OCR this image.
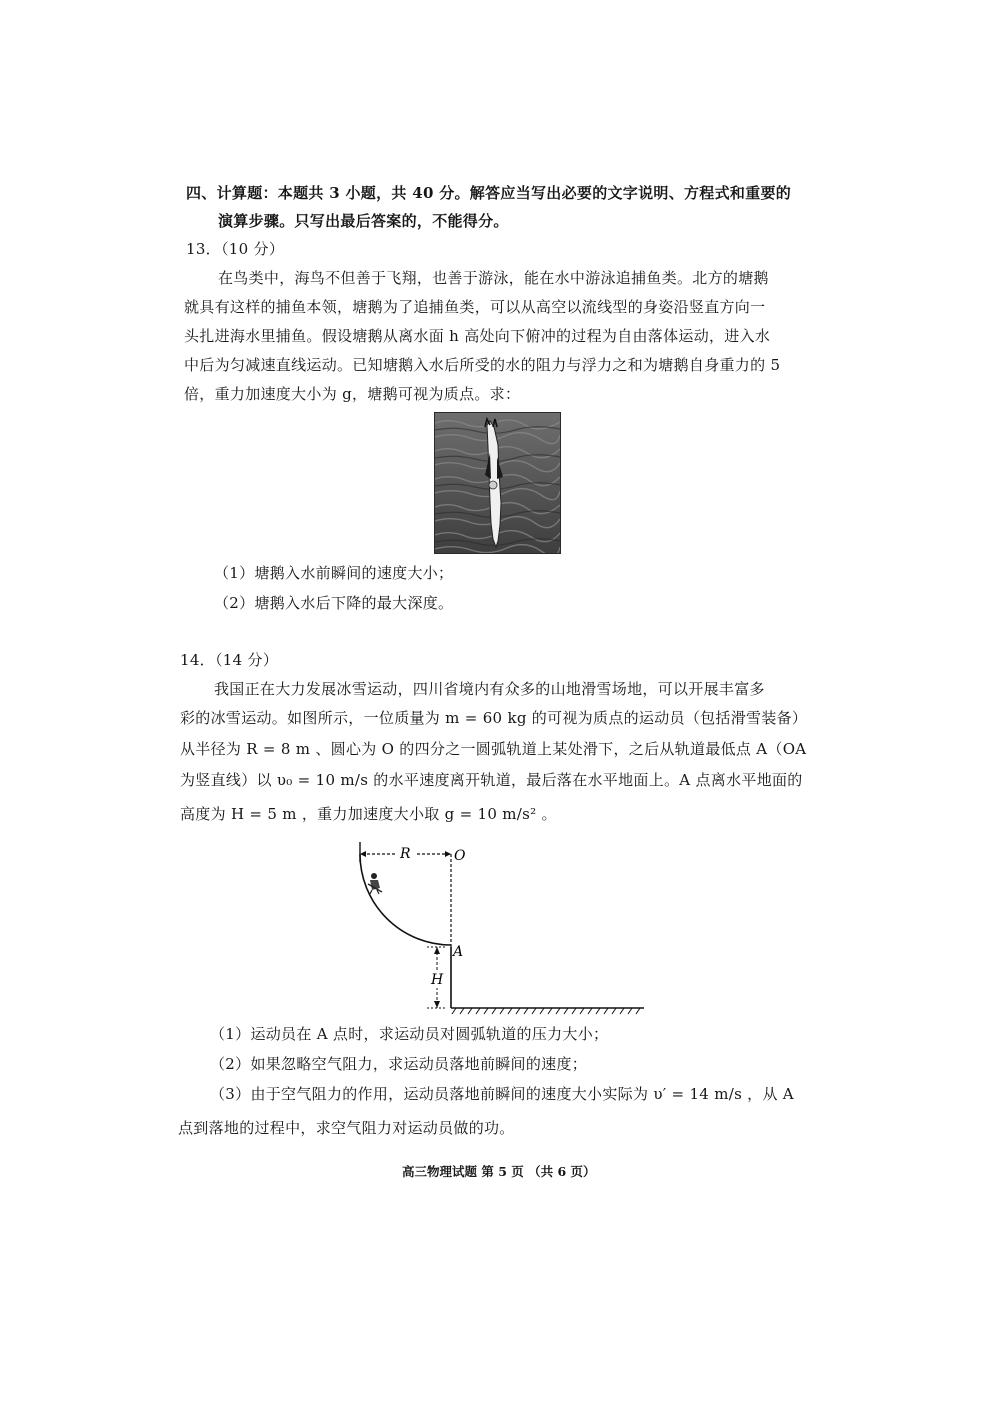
四、计算题：本题共 3 小题，共 40 分。解答应当写出必要的文字说明、方程式和重要的
演算步骤。只写出最后答案的，不能得分。
13．（10 分）
在鸟类中，海鸟不但善于飞翔，也善于游泳，能在水中游泳追捕鱼类。北方的塘鹅
就具有这样的捕鱼本领，塘鹅为了追捕鱼类，可以从高空以流线型的身姿沿竖直方向一
头扎进海水里捕鱼。假设塘鹅从离水面 h 高处向下俯冲的过程为自由落体运动，进入水
中后为匀减速直线运动。已知塘鹅入水后所受的水的阻力与浮力之和为塘鹅自身重力的 5
倍，重力加速度大小为 g，塘鹅可视为质点。求：
（1）塘鹅入水前瞬间的速度大小；
（2）塘鹅入水后下降的最大深度。
14．（14 分）
我国正在大力发展冰雪运动，四川省境内有众多的山地滑雪场地，可以开展丰富多
彩的冰雪运动。如图所示，一位质量为 m = 60 kg 的可视为质点的运动员（包括滑雪装备）
从半径为 R = 8 m 、圆心为 O 的四分之一圆弧轨道上某处滑下，之后从轨道最低点 A（OA
为竖直线）以 υ₀ = 10 m/s 的水平速度离开轨道，最后落在水平地面上。A 点离水平地面的
高度为 H = 5 m ，重力加速度大小取 g = 10 m/s² 。
R	O
A
H
（1）运动员在 A 点时，求运动员对圆弧轨道的压力大小；
（2）如果忽略空气阻力，求运动员落地前瞬间的速度；
（3）由于空气阻力的作用，运动员落地前瞬间的速度大小实际为 υ′ = 14 m/s ，从 A
点到落地的过程中，求空气阻力对运动员做的功。
高三物理试题 第 5 页 （共 6 页）
